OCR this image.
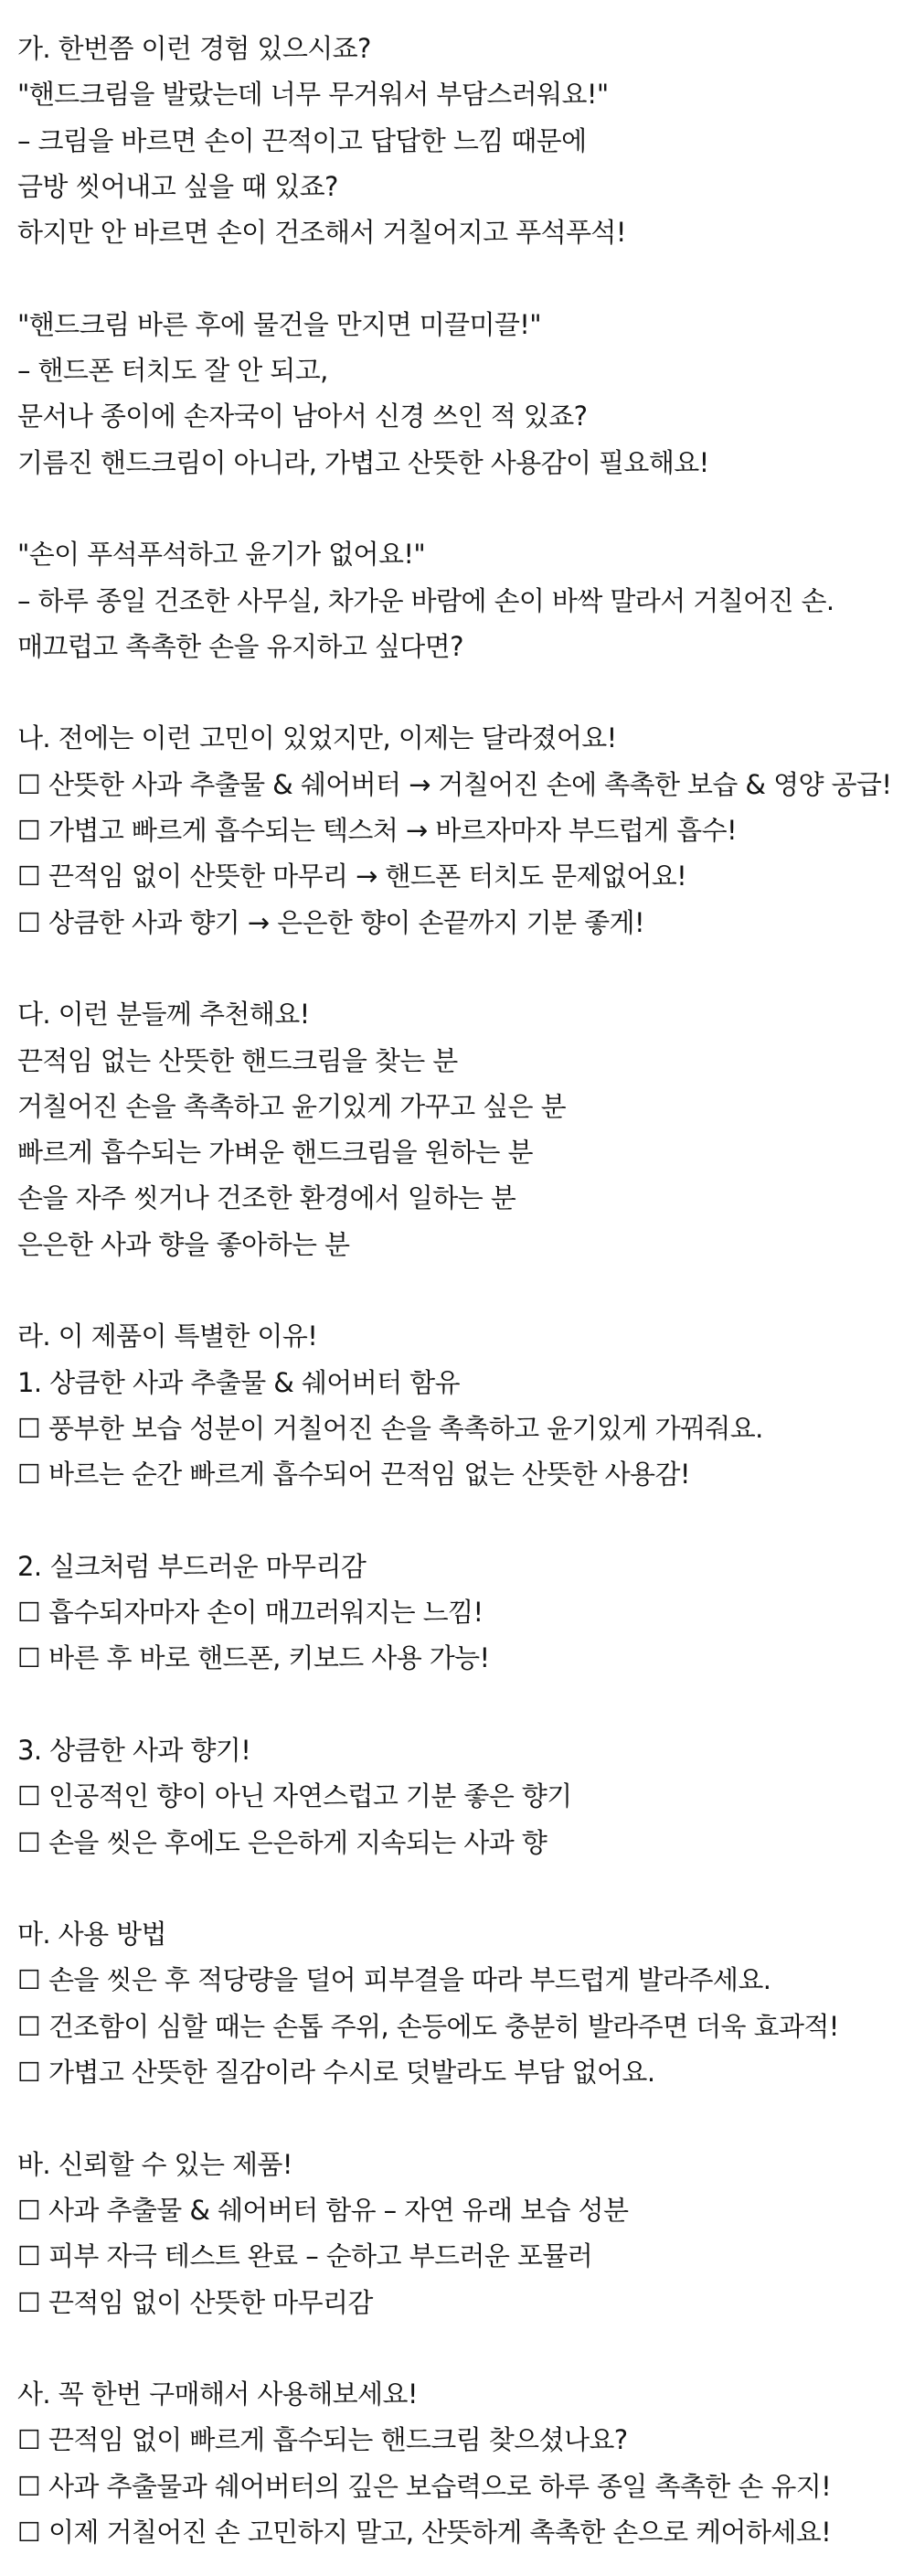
가. 한번쯤 이런 경험 있으시죠?
"핸드크림을 발랐는데 너무 무거워서 부담스러워요!"
– 크림을 바르면 손이 끈적이고 답답한 느낌 때문에
금방 씻어내고 싶을 때 있죠?
하지만 안 바르면 손이 건조해서 거칠어지고 푸석푸석!
"핸드크림 바른 후에 물건을 만지면 미끌미끌!"
– 핸드폰 터치도 잘 안 되고,
문서나 종이에 손자국이 남아서 신경 쓰인 적 있죠?
기름진 핸드크림이 아니라, 가볍고 산뜻한 사용감이 필요해요!
"손이 푸석푸석하고 윤기가 없어요!"
– 하루 종일 건조한 사무실, 차가운 바람에 손이 바싹 말라서 거칠어진 손.
매끄럽고 촉촉한 손을 유지하고 싶다면?
나. 전에는 이런 고민이 있었지만, 이제는 달라졌어요!
☐ 산뜻한 사과 추출물 & 쉐어버터 → 거칠어진 손에 촉촉한 보습 & 영양 공급!
☐ 가볍고 빠르게 흡수되는 텍스처 → 바르자마자 부드럽게 흡수!
☐ 끈적임 없이 산뜻한 마무리 → 핸드폰 터치도 문제없어요!
☐ 상큼한 사과 향기 → 은은한 향이 손끝까지 기분 좋게!
다. 이런 분들께 추천해요!
끈적임 없는 산뜻한 핸드크림을 찾는 분
거칠어진 손을 촉촉하고 윤기있게 가꾸고 싶은 분
빠르게 흡수되는 가벼운 핸드크림을 원하는 분
손을 자주 씻거나 건조한 환경에서 일하는 분
은은한 사과 향을 좋아하는 분
라. 이 제품이 특별한 이유!
1. 상큼한 사과 추출물 & 쉐어버터 함유
☐ 풍부한 보습 성분이 거칠어진 손을 촉촉하고 윤기있게 가꿔줘요.
☐ 바르는 순간 빠르게 흡수되어 끈적임 없는 산뜻한 사용감!
2. 실크처럼 부드러운 마무리감
☐ 흡수되자마자 손이 매끄러워지는 느낌!
☐ 바른 후 바로 핸드폰, 키보드 사용 가능!
3. 상큼한 사과 향기!
☐ 인공적인 향이 아닌 자연스럽고 기분 좋은 향기
☐ 손을 씻은 후에도 은은하게 지속되는 사과 향
마. 사용 방법
☐ 손을 씻은 후 적당량을 덜어 피부결을 따라 부드럽게 발라주세요.
☐ 건조함이 심할 때는 손톱 주위, 손등에도 충분히 발라주면 더욱 효과적!
☐ 가볍고 산뜻한 질감이라 수시로 덧발라도 부담 없어요.
바. 신뢰할 수 있는 제품!
☐ 사과 추출물 & 쉐어버터 함유 – 자연 유래 보습 성분
☐ 피부 자극 테스트 완료 – 순하고 부드러운 포뮬러
☐ 끈적임 없이 산뜻한 마무리감
사. 꼭 한번 구매해서 사용해보세요!
☐ 끈적임 없이 빠르게 흡수되는 핸드크림 찾으셨나요?
☐ 사과 추출물과 쉐어버터의 깊은 보습력으로 하루 종일 촉촉한 손 유지!
☐ 이제 거칠어진 손 고민하지 말고, 산뜻하게 촉촉한 손으로 케어하세요!
